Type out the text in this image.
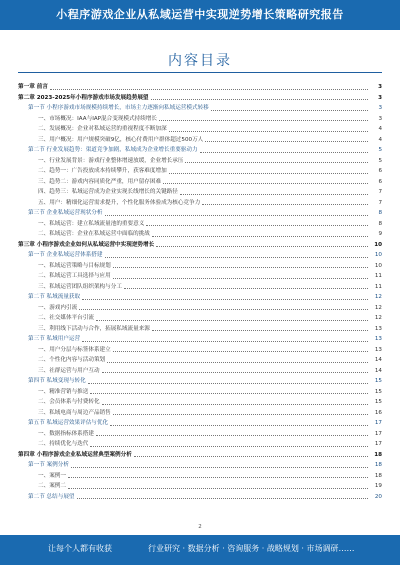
小程序游戏企业从私域运营中实现逆势增长策略研究报告
内容目录
第一章 前言	3
第二章 2023-2025年小程序游戏市场发展趋势展望	3
第一节 小程序游戏市场规模持续增长，市场主力逐渐向私域运营模式转移	3
一、市场概况：IAA与IAP混合变现模式持续增长	3
二、发展概况：企业对私域运营的重视程度不断加深	4
三、用户概况：用户规模突破9亿，核心付费用户群体超过500万人	4
第二节 行业发展趋势：渠道竞争加剧，私域成为企业增长重要驱动力	5
一、行业发展背景：游戏行业整体增速放缓，企业增长承压	5
二、趋势一：广告投放成本持续攀升，获客难度增加	6
三、趋势二：游戏内容同质化严重，用户留存困难	6
四、趋势三：私域运营成为企业实现长线增长的关键路径	7
五、用户：精细化运营需求提升，个性化服务体验成为核心竞争力	7
第三节 企业私域运营现状分析	8
一、私域运营：建立私域流量池的重要意义	8
二、私域运营：企业在私域运营中面临的挑战	9
第三章 小程序游戏企业如何从私域运营中实现逆势增长	10
第一节 企业私域运营体系搭建	10
一、私域运营策略与目标规划	10
二、私域运营工具选择与应用	11
三、私域运营团队组织架构与分工	11
第二节 私域流量获取	12
一、游戏内引流	12
二、社交媒体平台引流	12
三、利用线下活动与合作，拓展私域流量来源	13
第三节 私域用户运营	13
一、用户分层与标签体系建立	13
二、个性化内容与活动策划	14
三、社群运营与用户互动	14
第四节 私域变现与转化	15
一、精准营销与推送	15
二、会员体系与付费转化	15
三、私域电商与周边产品销售	16
第五节 私域运营效果评估与优化	17
一、数据指标体系搭建	17
二、持续优化与迭代	17
第四章 小程序游戏企业私域运营典型案例分析	18
第一节 案例分析	18
一、案例一	18
二、案例二	19
第二节 总结与展望	20
2
让每个人都有收获	行业研究 · 数据分析 · 咨询服务 · 战略规划 · 市场调研……
